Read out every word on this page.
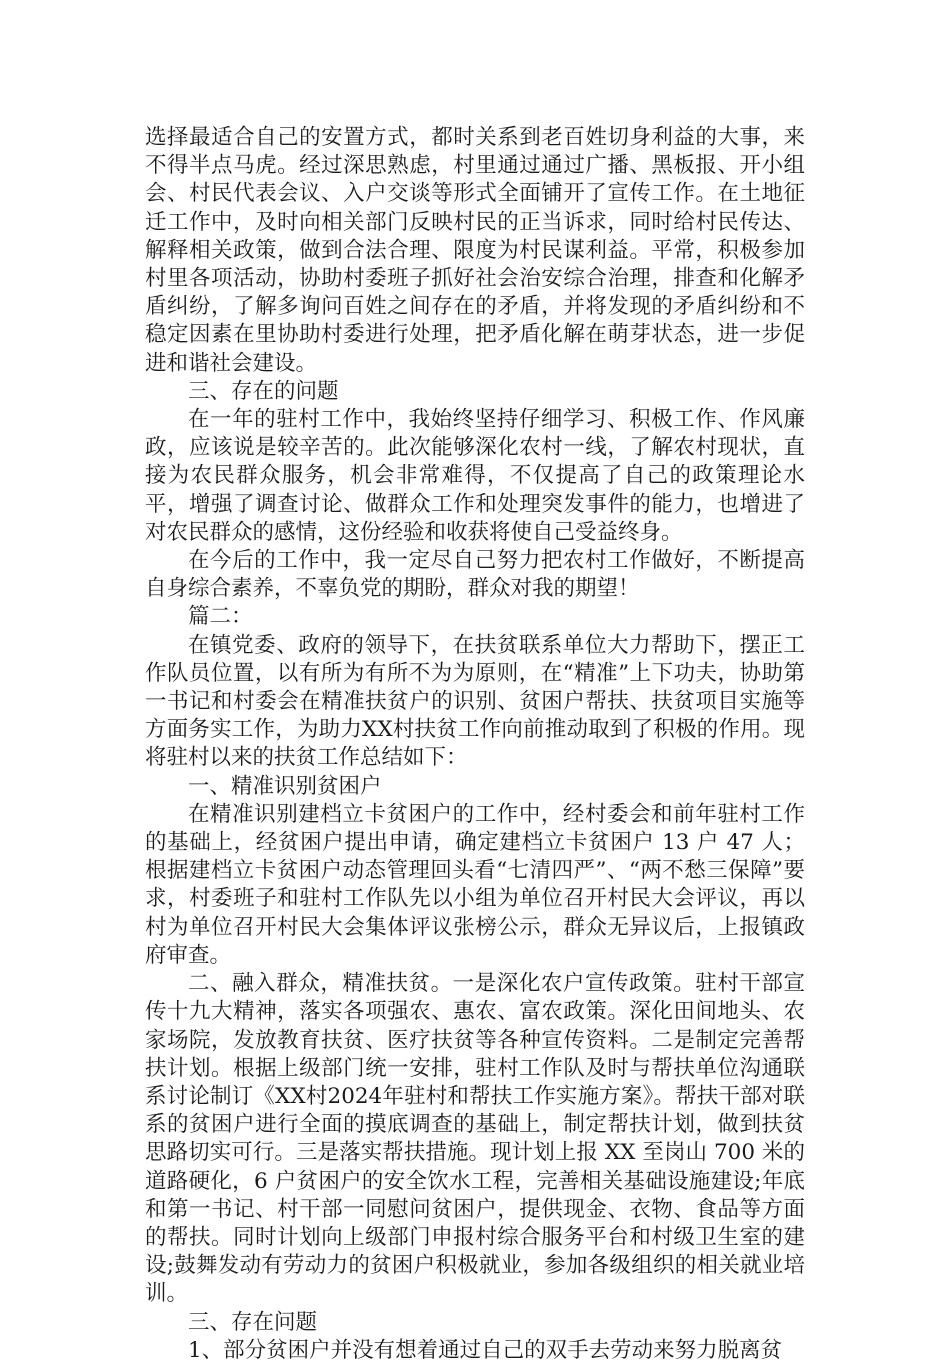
选择最适合自己的安置方式，都时关系到老百姓切身利益的大事，来不得半点马虎。经过深思熟虑，村里通过通过广播、黑板报、开小组会、村民代表会议、入户交谈等形式全面铺开了宣传工作。在土地征迁工作中，及时向相关部门反映村民的正当诉求，同时给村民传达、解释相关政策，做到合法合理、限度为村民谋利益。平常，积极参加村里各项活动，协助村委班子抓好社会治安综合治理，排查和化解矛盾纠纷，了解多询问百姓之间存在的矛盾，并将发现的矛盾纠纷和不稳定因素在里协助村委进行处理，把矛盾化解在萌芽状态，进一步促进和谐社会建设。

三、存在的问题

在一年的驻村工作中，我始终坚持仔细学习、积极工作、作风廉政，应该说是较辛苦的。此次能够深化农村一线，了解农村现状，直接为农民群众服务，机会非常难得，不仅提高了自己的政策理论水平，增强了调查讨论、做群众工作和处理突发事件的能力，也增进了对农民群众的感情，这份经验和收获将使自己受益终身。

在今后的工作中，我一定尽自己努力把农村工作做好，不断提高自身综合素养，不辜负党的期盼，群众对我的期望！

篇二：

在镇党委、政府的领导下，在扶贫联系单位大力帮助下，摆正工作队员位置，以有所为有所不为为原则，在“精准”上下功夫，协助第一书记和村委会在精准扶贫户的识别、贫困户帮扶、扶贫项目实施等方面务实工作，为助力XX村扶贫工作向前推动取到了积极的作用。现将驻村以来的扶贫工作总结如下：

一、精准识别贫困户

在精准识别建档立卡贫困户的工作中，经村委会和前年驻村工作的基础上，经贫困户提出申请，确定建档立卡贫困户 13 户 47 人；根据建档立卡贫困户动态管理回头看“七清四严”、“两不愁三保障”要求，村委班子和驻村工作队先以小组为单位召开村民大会评议，再以村为单位召开村民大会集体评议张榜公示，群众无异议后，上报镇政府审查。

二、融入群众，精准扶贫。一是深化农户宣传政策。驻村干部宣传十九大精神，落实各项强农、惠农、富农政策。深化田间地头、农家场院，发放教育扶贫、医疗扶贫等各种宣传资料。二是制定完善帮扶计划。根据上级部门统一安排，驻村工作队及时与帮扶单位沟通联系讨论制订《XX村2024年驻村和帮扶工作实施方案》。帮扶干部对联系的贫困户进行全面的摸底调查的基础上，制定帮扶计划，做到扶贫思路切实可行。三是落实帮扶措施。现计划上报 XX 至岗山 700 米的道路硬化，6 户贫困户的安全饮水工程，完善相关基础设施建设;年底和第一书记、村干部一同慰问贫困户，提供现金、衣物、食品等方面的帮扶。同时计划向上级部门申报村综合服务平台和村级卫生室的建设;鼓舞发动有劳动力的贫困户积极就业，参加各级组织的相关就业培训。

三、存在问题

1、部分贫困户并没有想着通过自己的双手去劳动来努力脱离贫
